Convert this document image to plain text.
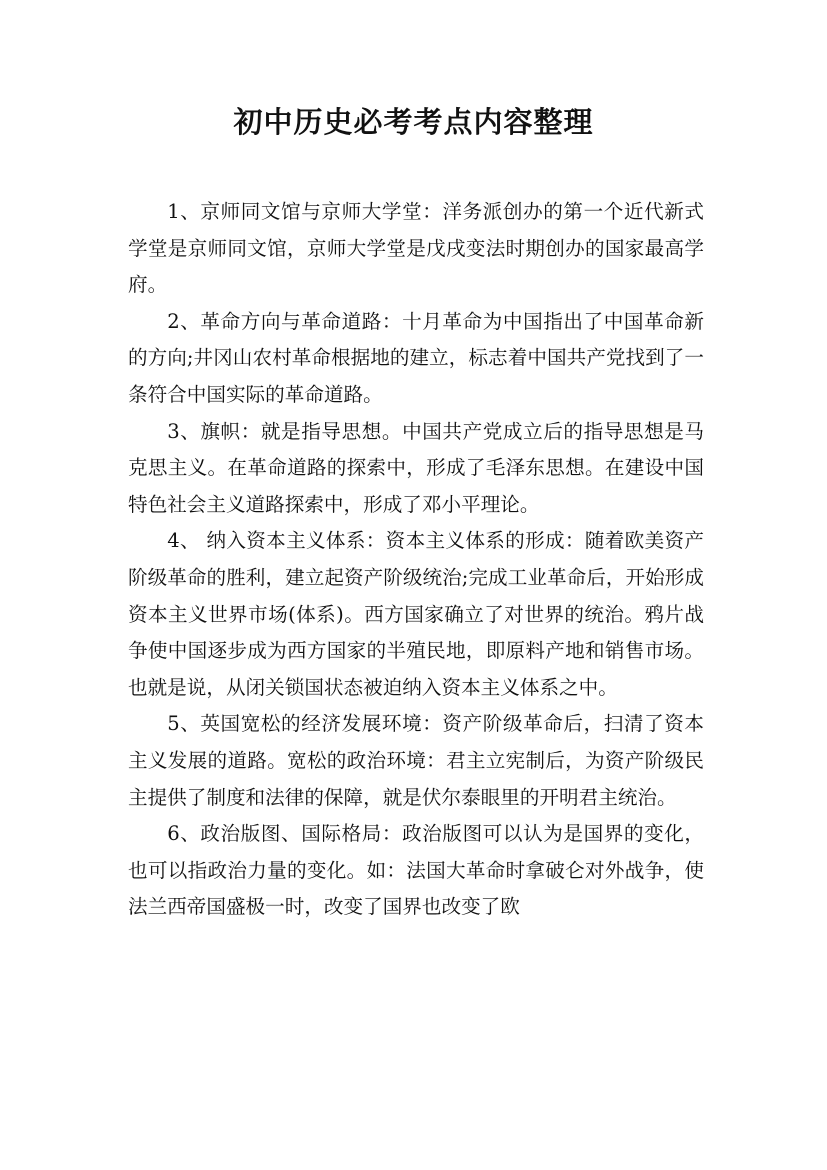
初中历史必考考点内容整理

1、京师同文馆与京师大学堂：洋务派创办的第一个近代新式学堂是京师同文馆，京师大学堂是戊戌变法时期创办的国家最高学府。

2、革命方向与革命道路：十月革命为中国指出了中国革命新的方向;井冈山农村革命根据地的建立，标志着中国共产党找到了一条符合中国实际的革命道路。

3、旗帜：就是指导思想。中国共产党成立后的指导思想是马克思主义。在革命道路的探索中，形成了毛泽东思想。在建设中国特色社会主义道路探索中，形成了邓小平理论。

4、 纳入资本主义体系：资本主义体系的形成：随着欧美资产阶级革命的胜利，建立起资产阶级统治;完成工业革命后，开始形成资本主义世界市场(体系)。西方国家确立了对世界的统治。鸦片战争使中国逐步成为西方国家的半殖民地，即原料产地和销售市场。也就是说，从闭关锁国状态被迫纳入资本主义体系之中。

5、英国宽松的经济发展环境：资产阶级革命后，扫清了资本主义发展的道路。宽松的政治环境：君主立宪制后，为资产阶级民主提供了制度和法律的保障，就是伏尔泰眼里的开明君主统治。

6、政治版图、国际格局：政治版图可以认为是国界的变化，也可以指政治力量的变化。如：法国大革命时拿破仑对外战争，使法兰西帝国盛极一时，改变了国界也改变了欧
